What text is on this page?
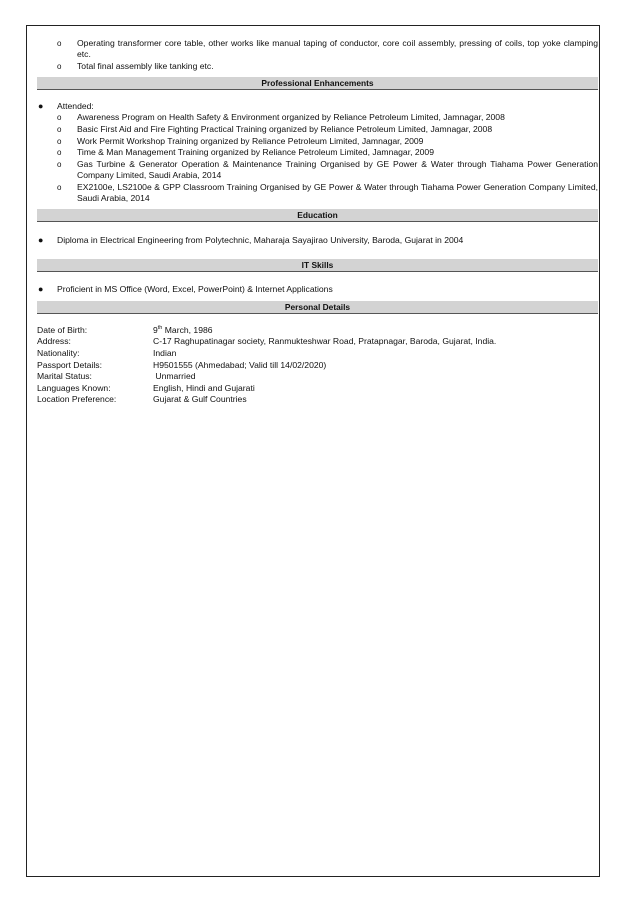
o Operating transformer core table, other works like manual taping of conductor, core coil assembly, pressing of coils, top yoke clamping etc.
o Total final assembly like tanking etc.
Professional Enhancements
● Attended:
o Awareness Program on Health Safety & Environment organized by Reliance Petroleum Limited, Jamnagar, 2008
o Basic First Aid and Fire Fighting Practical Training organized by Reliance Petroleum Limited, Jamnagar, 2008
o Work Permit Workshop Training organized by Reliance Petroleum Limited, Jamnagar, 2009
o Time & Man Management Training organized by Reliance Petroleum Limited, Jamnagar, 2009
o Gas Turbine & Generator Operation & Maintenance Training Organised by GE Power & Water through Tiahama Power Generation Company Limited, Saudi Arabia, 2014
o EX2100e, LS2100e & GPP Classroom Training Organised by GE Power & Water through Tiahama Power Generation Company Limited, Saudi Arabia, 2014
Education
● Diploma in Electrical Engineering from Polytechnic, Maharaja Sayajirao University, Baroda, Gujarat in 2004
IT Skills
● Proficient in MS Office (Word, Excel, PowerPoint) & Internet Applications
Personal Details
Date of Birth:	9th March, 1986
Address:	C-17 Raghupatinagar society, Ranmukteshwar Road, Pratapnagar, Baroda, Gujarat, India.
Nationality:	Indian
Passport Details:	H9501555 (Ahmedabad; Valid till 14/02/2020)
Marital Status:	Unmarried
Languages Known:	English, Hindi and Gujarati
Location Preference:	Gujarat & Gulf Countries
